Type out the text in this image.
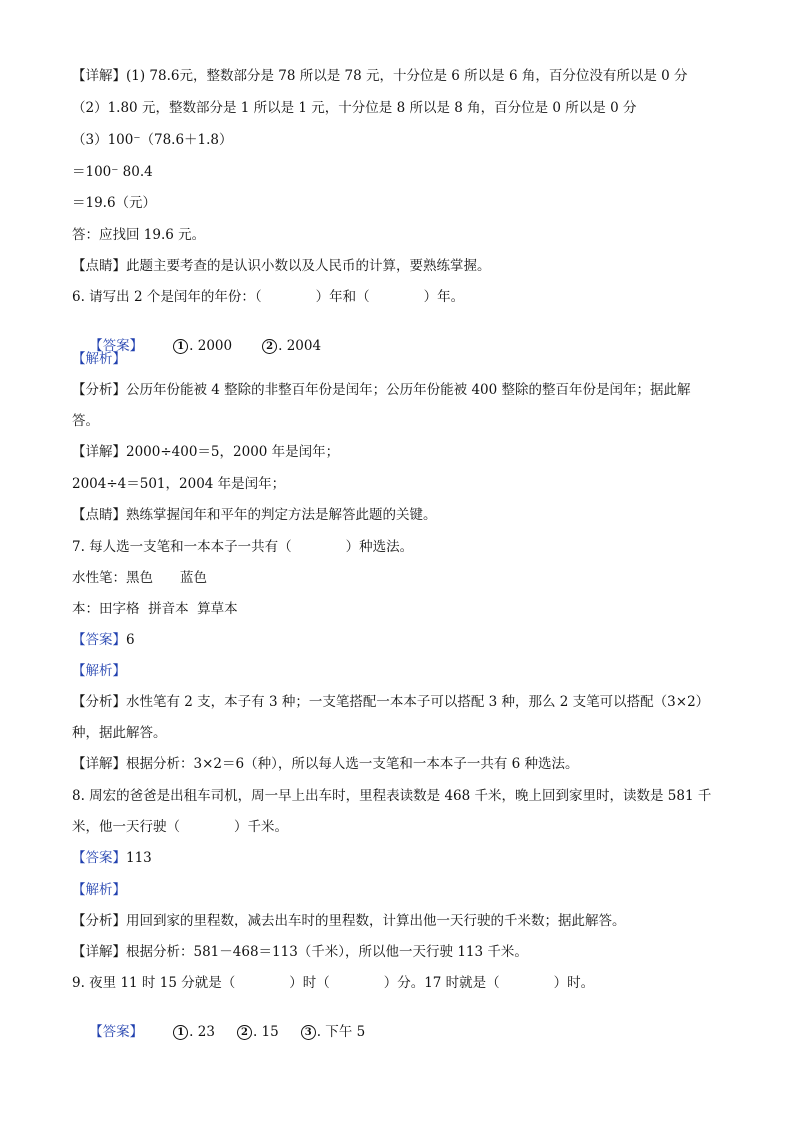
【详解】(1) 78.6元，整数部分是 78 所以是 78 元，十分位是 6 所以是 6 角，百分位没有所以是 0 分
（2）1.80 元，整数部分是 1 所以是 1 元，十分位是 8 所以是 8 角，百分位是 0 所以是 0 分
（3）100⁻（78.6＋1.8）
＝100⁻ 80.4
＝19.6（元）
答：应找回 19.6 元。
【点睛】此题主要考查的是认识小数以及人民币的计算，要熟练掌握。
6. 请写出 2 个是闰年的年份：（　　　　）年和（　　　　）年。

【答案】	1 . 2000	2 . 2004

【解析】
【分析】公历年份能被 4 整除的非整百年份是闰年；公历年份能被 400 整除的整百年份是闰年；据此解
答。
【详解】2000÷400＝5，2000 年是闰年；
2004÷4＝501，2004 年是闰年；
【点睛】熟练掌握闰年和平年的判定方法是解答此题的关键。
7. 每人选一支笔和一本本子一共有（　　　　）种选法。
水性笔：黑色　　蓝色
本：田字格  拼音本  算草本
【答案】6
【解析】
【分析】水性笔有 2 支，本子有 3 种；一支笔搭配一本本子可以搭配 3 种，那么 2 支笔可以搭配（3×2）
种，据此解答。
【详解】根据分析：3×2＝6（种），所以每人选一支笔和一本本子一共有 6 种选法。
8. 周宏的爸爸是出租车司机，周一早上出车时，里程表读数是 468 千米，晚上回到家里时，读数是 581 千
米，他一天行驶（　　　　）千米。
【答案】113
【解析】
【分析】用回到家的里程数，减去出车时的里程数，计算出他一天行驶的千米数；据此解答。
【详解】根据分析：581－468＝113（千米），所以他一天行驶 113 千米。
9. 夜里 11 时 15 分就是（　　　　）时（　　　　）分。17 时就是（　　　　）时。

【答案】	1 . 23	2 . 15	3 . 下午 5
